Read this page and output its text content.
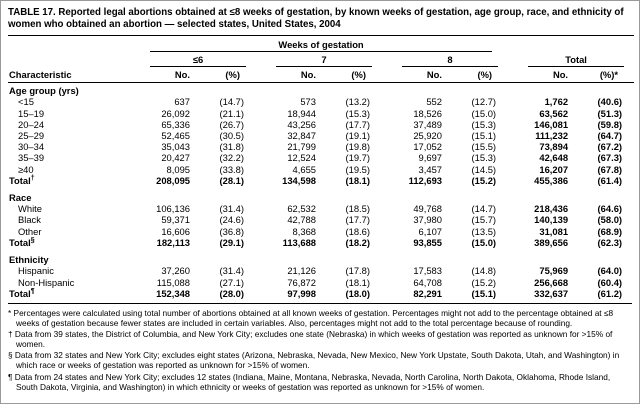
TABLE 17. Reported legal abortions obtained at ≤8 weeks of gestation, by known weeks of gestation, age group, race, and ethnicity of women who obtained an abortion — selected states, United States, 2004

	Weeks of gestation							

	≤6		7		8		Total	

Characteristic	No.	(%)	No.	(%)	No.	(%)	No.	(%)*
Age group (yrs)								
<15	637	(14.7)	573	(13.2)	552	(12.7)	1,762	(40.6)
15–19	26,092	(21.1)	18,944	(15.3)	18,526	(15.0)	63,562	(51.3)
20–24	65,336	(26.7)	43,256	(17.7)	37,489	(15.3)	146,081	(59.8)
25–29	52,465	(30.5)	32,847	(19.1)	25,920	(15.1)	111,232	(64.7)
30–34	35,043	(31.8)	21,799	(19.8)	17,052	(15.5)	73,894	(67.2)
35–39	20,427	(32.2)	12,524	(19.7)	9,697	(15.3)	42,648	(67.3)
≥40	8,095	(33.8)	4,655	(19.5)	3,457	(14.5)	16,207	(67.8)
Total†	208,095	(28.1)	134,598	(18.1)	112,693	(15.2)	455,386	(61.4)
Race								
White	106,136	(31.4)	62,532	(18.5)	49,768	(14.7)	218,436	(64.6)
Black	59,371	(24.6)	42,788	(17.7)	37,980	(15.7)	140,139	(58.0)
Other	16,606	(36.8)	8,368	(18.6)	6,107	(13.5)	31,081	(68.9)
Total§	182,113	(29.1)	113,688	(18.2)	93,855	(15.0)	389,656	(62.3)
Ethnicity								
Hispanic	37,260	(31.4)	21,126	(17.8)	17,583	(14.8)	75,969	(64.0)
Non-Hispanic	115,088	(27.1)	76,872	(18.1)	64,708	(15.2)	256,668	(60.4)
Total¶	152,348	(28.0)	97,998	(18.0)	82,291	(15.1)	332,637	(61.2)

* Percentages were calculated using total number of abortions obtained at all known weeks of gestation. Percentages might not add to the percentage obtained at ≤8 weeks of gestation because fewer states are included in certain variables. Also, percentages might not add to the total percentage because of rounding.

† Data from 39 states, the District of Columbia, and New York City; excludes one state (Nebraska) in which weeks of gestation was reported as unknown for >15% of women.

§ Data from 32 states and New York City; excludes eight states (Arizona, Nebraska, Nevada, New Mexico, New York Upstate, South Dakota, Utah, and Washington) in which race or weeks of gestation was reported as unknown for >15% of women.

¶ Data from 24 states and New York City; excludes 12 states (Indiana, Maine, Montana, Nebraska, Nevada, North Carolina, North Dakota, Oklahoma, Rhode Island, South Dakota, Virginia, and Washington) in which ethnicity or weeks of gestation was reported as unknown for >15% of women.
